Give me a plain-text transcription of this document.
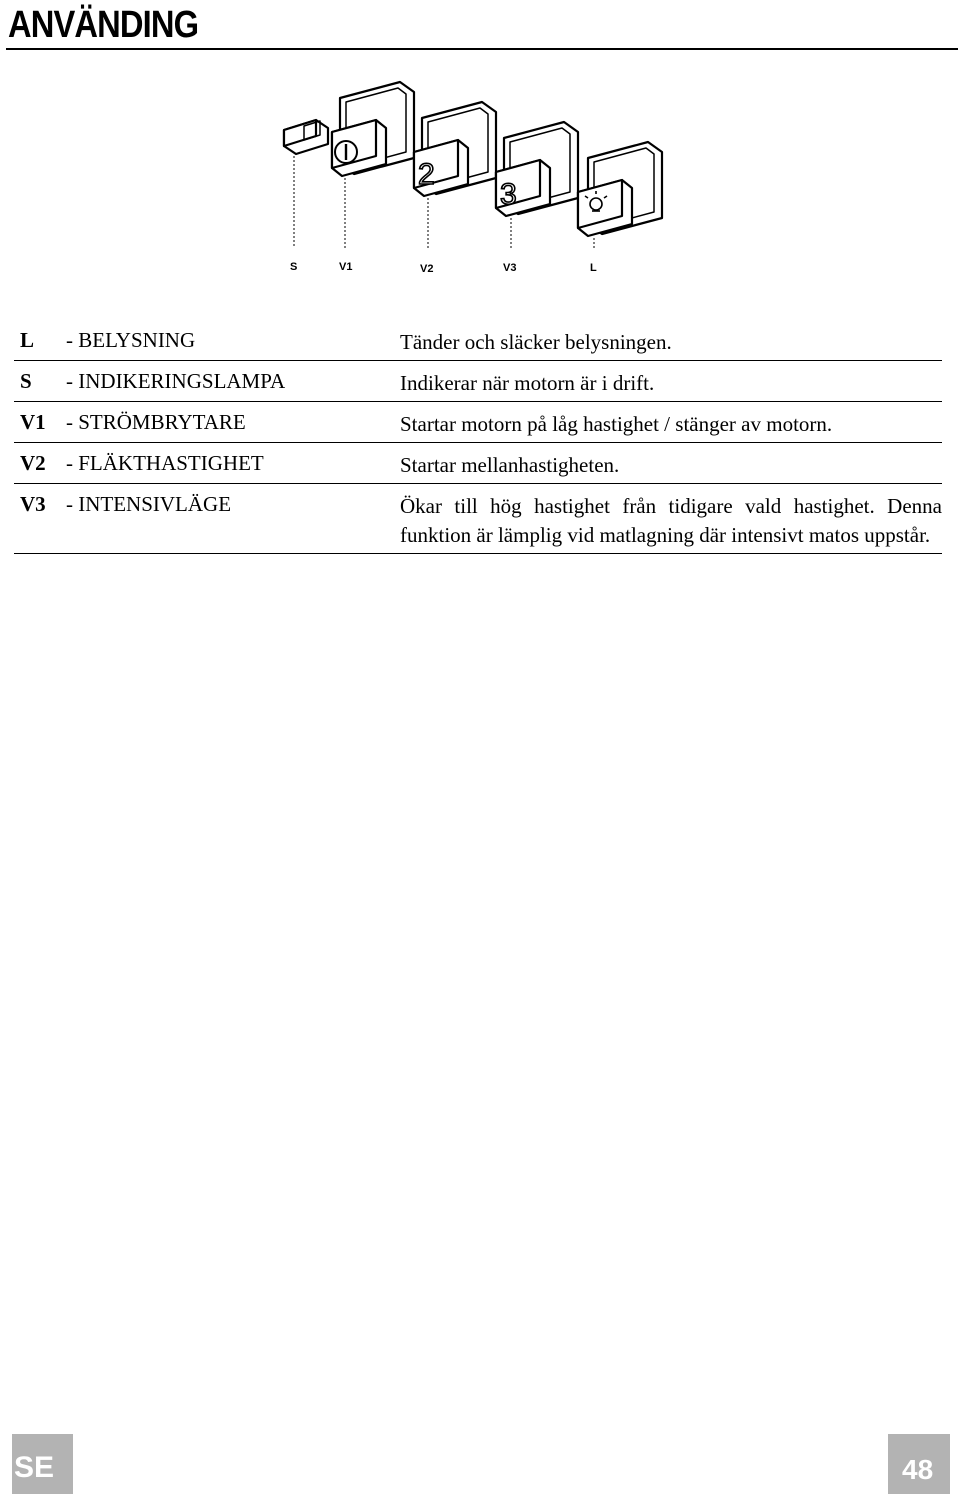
ANVÄNDING
2
3
S	V1	V2	V3	L
L - BELYSNING	Tänder och släcker belysningen.
S - INDIKERINGSLAMPA	Indikerar när motorn är i drift.
V1 - STRÖMBRYTARE	Startar motorn på låg hastighet / stänger av motorn.
V2 - FLÄKTHASTIGHET	Startar mellanhastigheten.
V3 - INTENSIVLÄGE	Ökar till hög hastighet från tidigare vald hastighet. Denna funktion är lämplig vid matlagning där intensivt matos uppstår.
SE	48
